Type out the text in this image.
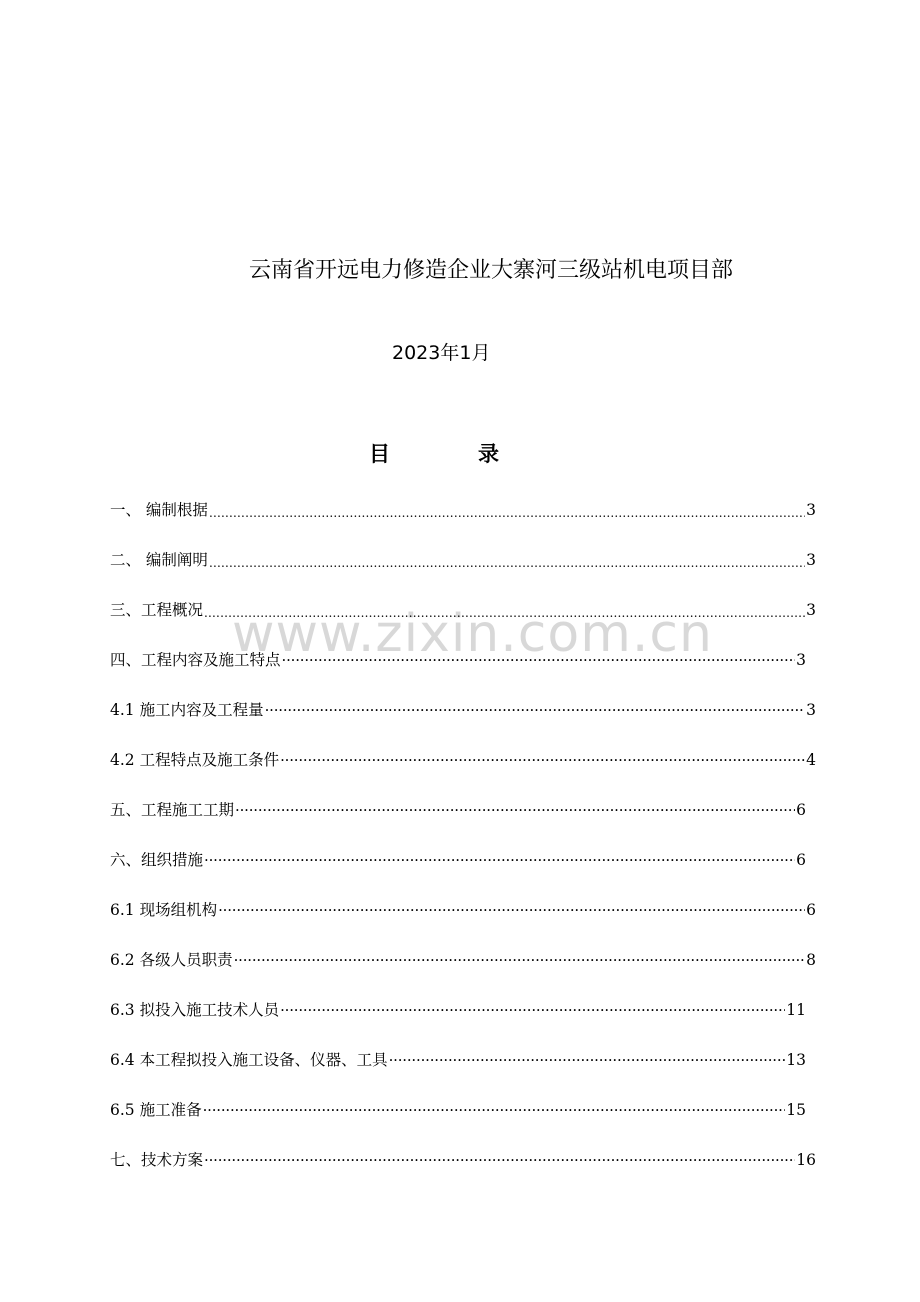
云南省开远电力修造企业大寨河三级站机电项目部
2023年1月
目	录
www.zixin.com.cn
一、 编制根据 .....	3
二、 编制阐明 .....	3
三、工程概况 .....	3
四、工程内容及施工特点 ·····	3
4.1 施工内容及工程量 ·····	3
4.2 工程特点及施工条件 ·····	4
五、工程施工工期 ·····	6
六、组织措施 ·····	6
6.1 现场组机构 ·····	6
6.2 各级人员职责 ·····	8
6.3 拟投入施工技术人员 ·····	11
6.4 本工程拟投入施工设备、仪器、工具 ·····	13
6.5 施工准备 ·····	15
七、技术方案 ·····	16
